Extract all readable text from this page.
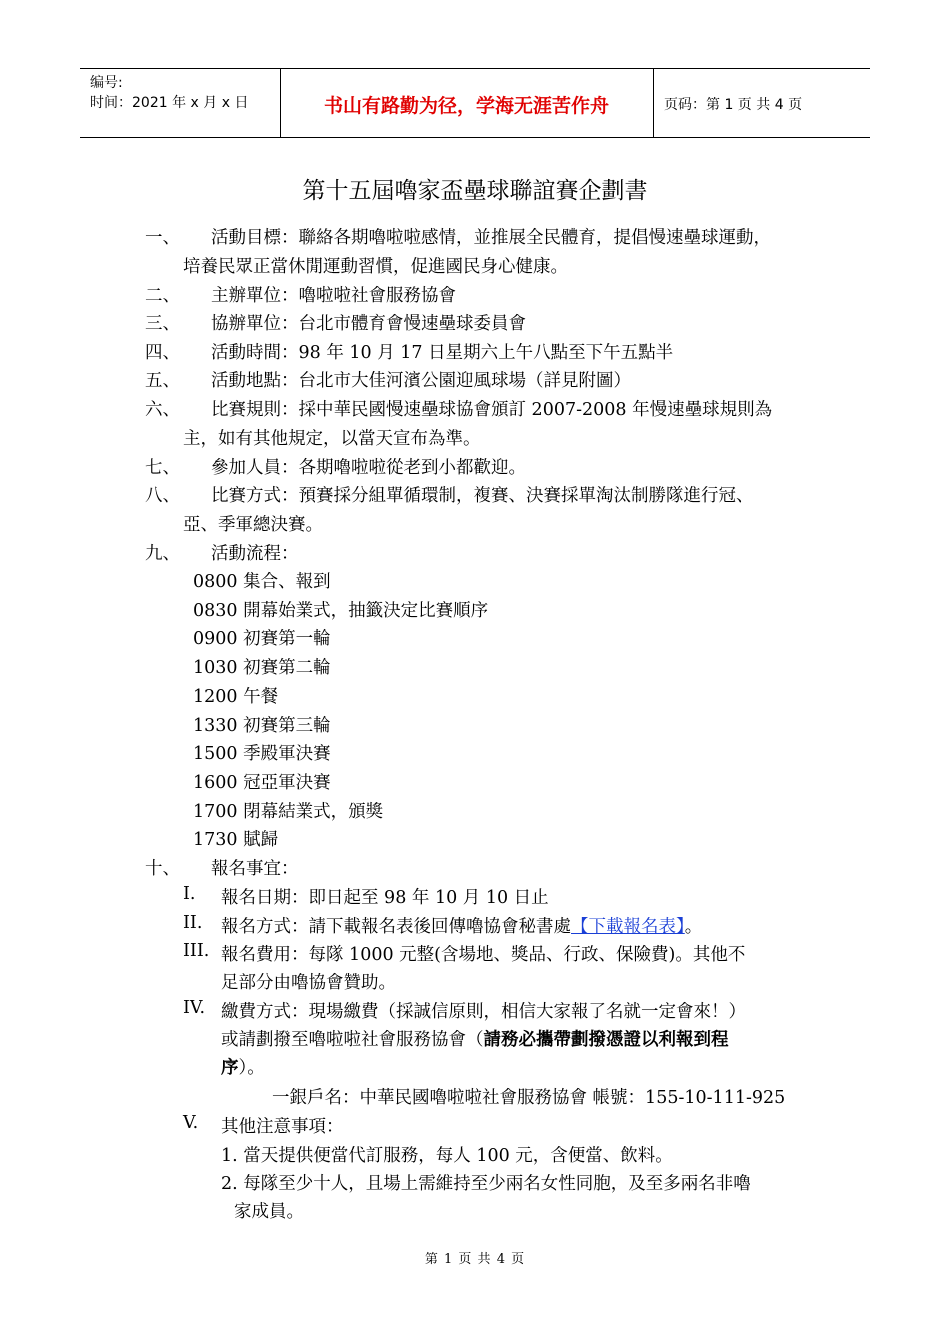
编号:
时间：2021 年 x 月 x 日	书山有路勤为径，学海无涯苦作舟	页码：第 1 页 共 4 页
第十五屆嚕家盃壘球聯誼賽企劃書
一、 活動目標：聯絡各期嚕啦啦感情，並推展全民體育，提倡慢速壘球運動，
培養民眾正當休閒運動習慣，促進國民身心健康。
二、 主辦單位：嚕啦啦社會服務協會
三、 協辦單位：台北市體育會慢速壘球委員會
四、 活動時間：98 年 10 月 17 日星期六上午八點至下午五點半
五、 活動地點：台北市大佳河濱公園迎風球場（詳見附圖）
六、 比賽規則：採中華民國慢速壘球協會頒訂 2007-2008 年慢速壘球規則為
主，如有其他規定，以當天宣布為準。
七、 參加人員：各期嚕啦啦從老到小都歡迎。
八、 比賽方式：預賽採分組單循環制，複賽、決賽採單淘汰制勝隊進行冠、
亞、季軍總決賽。
九、 活動流程：
0800 集合、報到
0830 開幕始業式，抽籤決定比賽順序
0900 初賽第一輪
1030 初賽第二輪
1200 午餐
1330 初賽第三輪
1500 季殿軍決賽
1600 冠亞軍決賽
1700 閉幕結業式，頒獎
1730 賦歸
十、 報名事宜：
I. 報名日期：即日起至 98 年 10 月 10 日止
II. 報名方式：請下載報名表後回傳嚕協會秘書處【下載報名表】。
III. 報名費用：每隊 1000 元整(含場地、獎品、行政、保險費)。其他不
足部分由嚕協會贊助。
IV. 繳費方式：現場繳費（採誠信原則，相信大家報了名就一定會來！）
或請劃撥至嚕啦啦社會服務協會（請務必攜帶劃撥憑證以利報到程
序）。
一銀戶名：中華民國嚕啦啦社會服務協會 帳號：155-10-111-925
V. 其他注意事項：
1. 當天提供便當代訂服務，每人 100 元，含便當、飲料。
2. 每隊至少十人，且場上需維持至少兩名女性同胞，及至多兩名非嚕
家成員。
第 1 页 共 4 页
